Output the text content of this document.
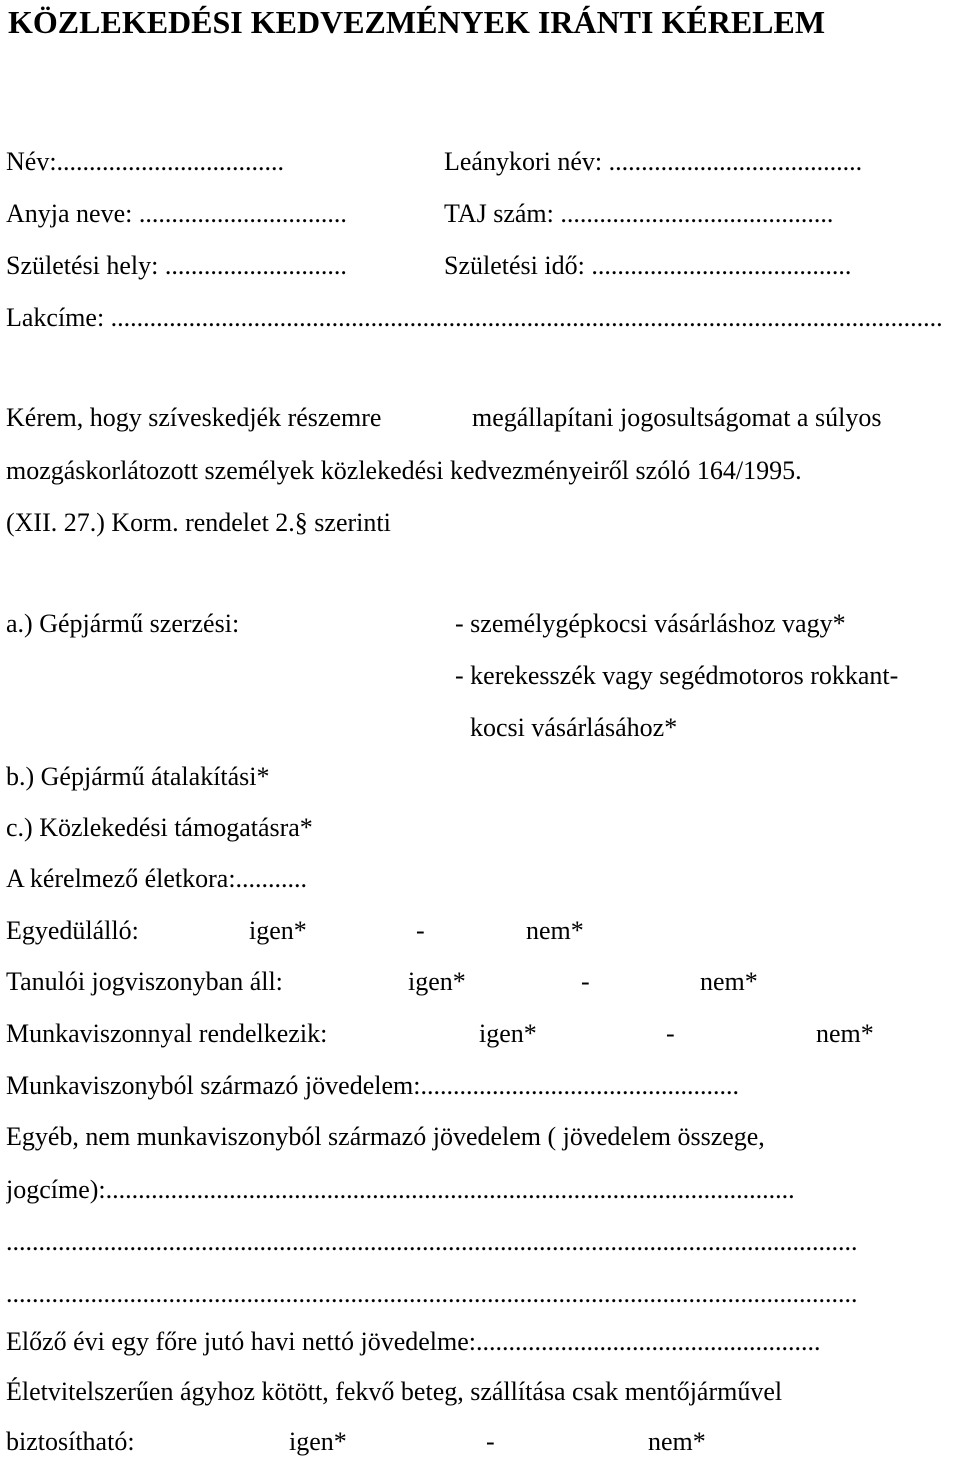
KÖZLEKEDÉSI KEDVEZMÉNYEK IRÁNTI KÉRELEM
Név:...................................	Leánykori név: .......................................
Anyja neve: ................................	TAJ szám: ..........................................
Születési hely: ............................	Születési idő: ........................................
Lakcíme: ................................................................................................................................
Kérem, hogy szíveskedjék részemre	megállapítani jogosultságomat a súlyos
mozgáskorlátozott személyek közlekedési kedvezményeiről szóló 164/1995.
(XII. 27.) Korm. rendelet 2.§ szerinti
a.) Gépjármű szerzési:	- személygépkocsi vásárláshoz vagy*
- kerekesszék vagy segédmotoros rokkant-
kocsi vásárlásához*
b.) Gépjármű átalakítási*
c.) Közlekedési támogatásra*
A kérelmező életkora:...........
Egyedülálló:	igen*	-	nem*
Tanulói jogviszonyban áll:	igen*	-	nem*
Munkaviszonnyal rendelkezik:	igen*	-	nem*
Munkaviszonyból származó jövedelem:.................................................
Egyéb, nem munkaviszonyból származó jövedelem ( jövedelem összege,
jogcíme):..........................................................................................................
...................................................................................................................................
...................................................................................................................................
Előző évi egy főre jutó havi nettó jövedelme:.....................................................
Életvitelszerűen ágyhoz kötött, fekvő beteg, szállítása csak mentőjárművel
biztosítható:	igen*	-	nem*
